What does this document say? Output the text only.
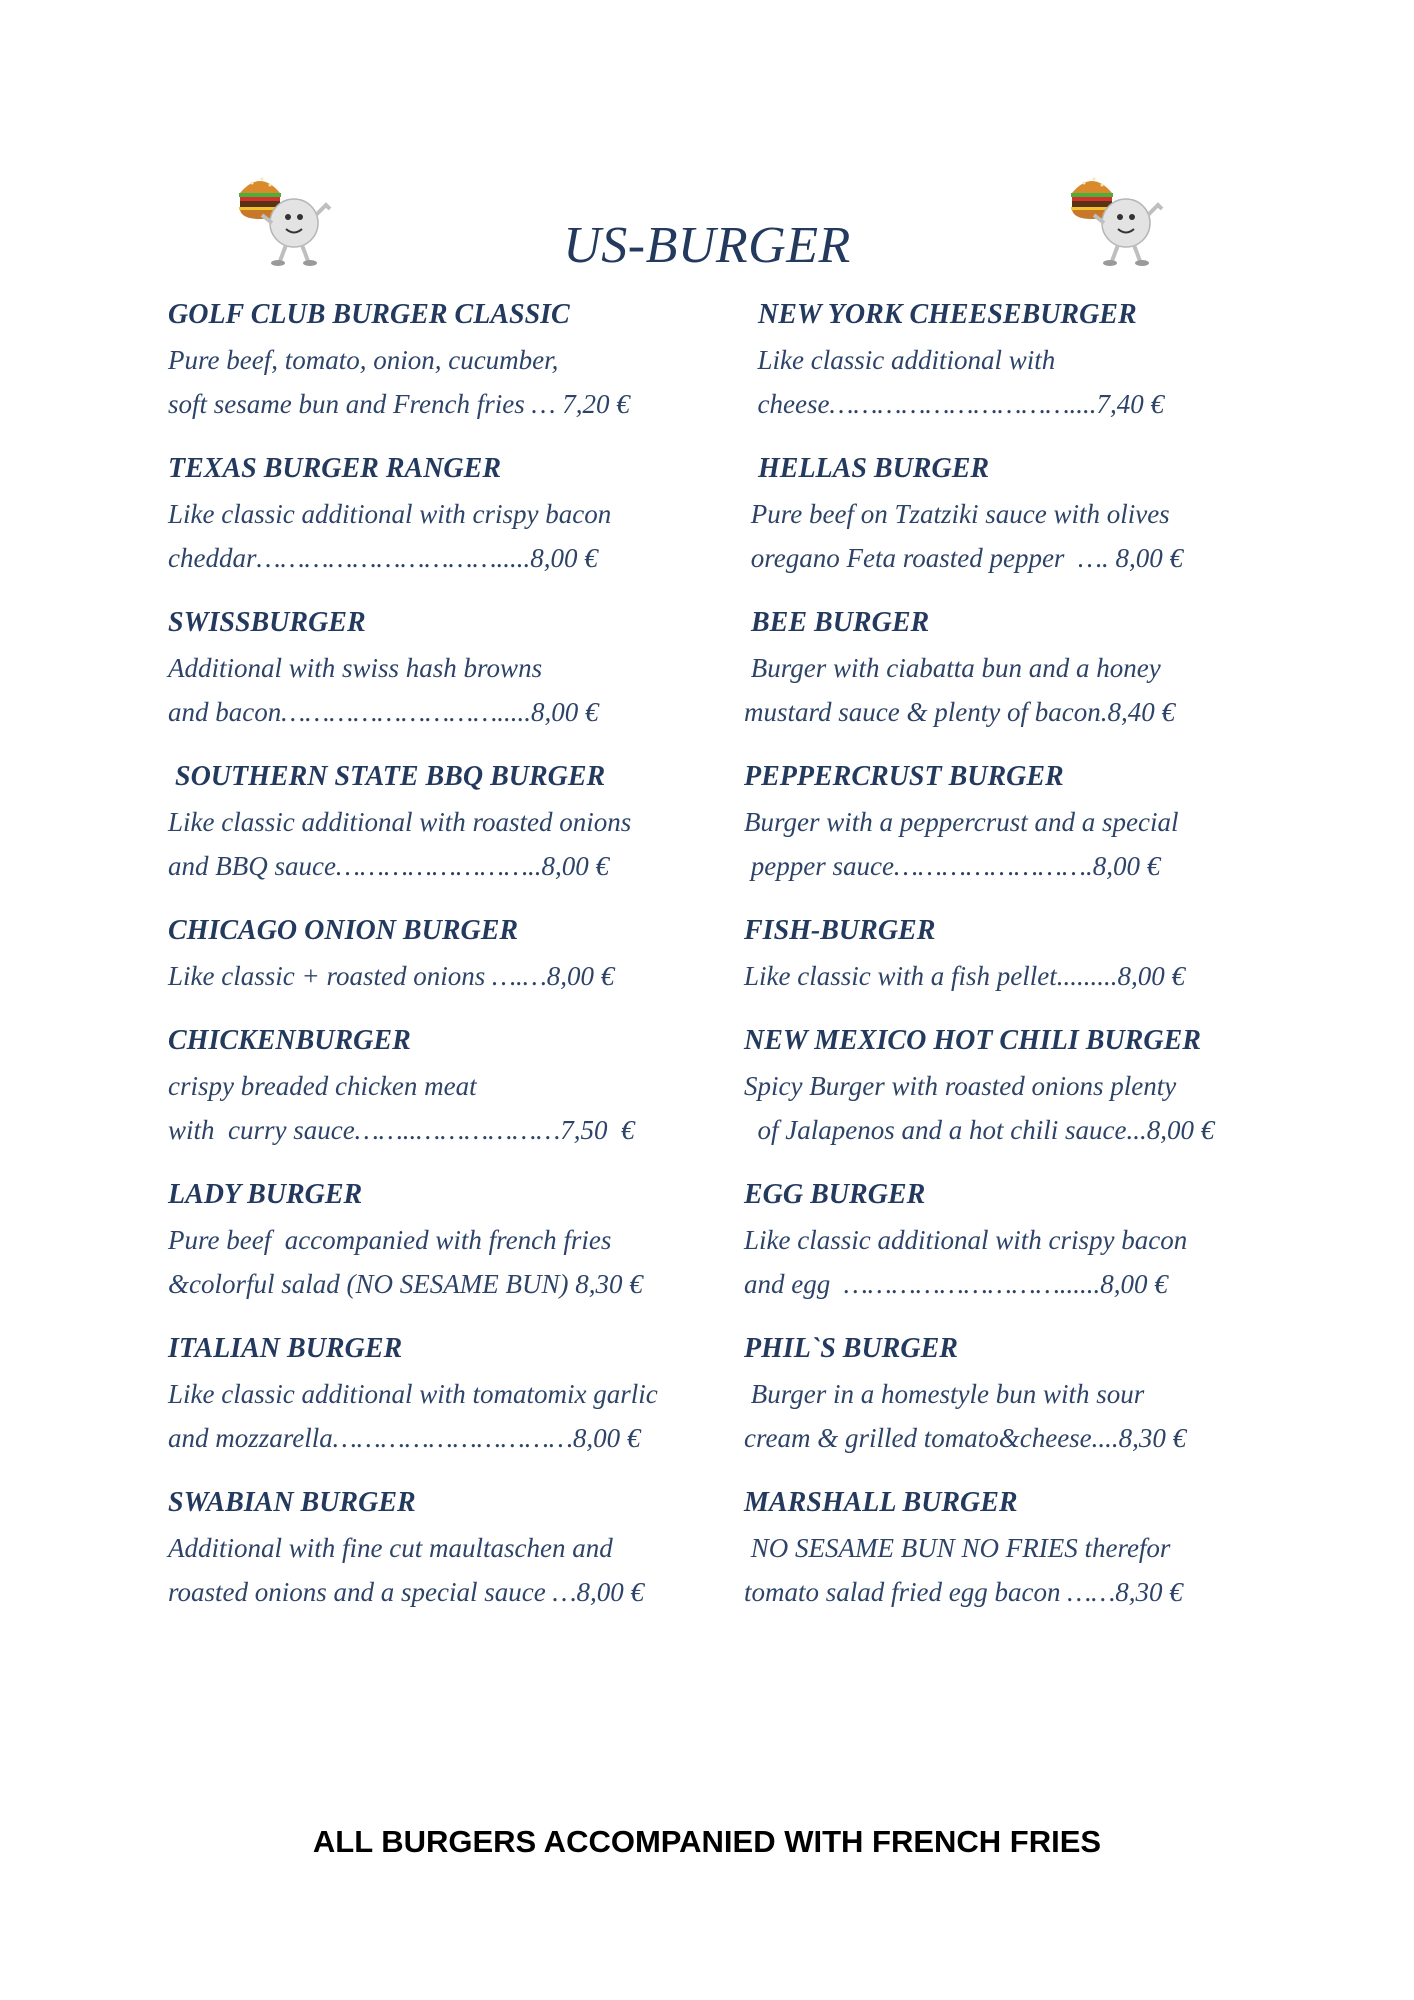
US-BURGER

GOLF CLUB BURGER CLASSIC

Pure beef, tomato, onion, cucumber,

soft sesame bun and French fries … 7,20 €

TEXAS BURGER RANGER

Like classic additional with crispy bacon

cheddar………………………….....8,00 €

SWISSBURGER

Additional with swiss hash browns

and bacon……………………….....8,00 €

SOUTHERN STATE BBQ BURGER

Like classic additional with roasted onions

and BBQ sauce……………………..8,00 €

CHICAGO ONION BURGER

Like classic + roasted onions ….…8,00 €

CHICKENBURGER

crispy breaded chicken meat

with  curry sauce……..………………7,50  €

LADY BURGER

Pure beef  accompanied with french fries

&colorful salad (NO SESAME BUN) 8,30 €

ITALIAN BURGER

Like classic additional with tomatomix garlic

and mozzarella…………………………8,00 €

SWABIAN BURGER

Additional with fine cut maultaschen and

roasted onions and a special sauce …8,00 €

NEW YORK CHEESEBURGER

Like classic additional with

cheese…………………………....7,40 €

HELLAS BURGER

Pure beef on Tzatziki sauce with olives

oregano Feta roasted pepper  …. 8,00 €

BEE BURGER

Burger with ciabatta bun and a honey

mustard sauce & plenty of bacon.8,40 €

PEPPERCRUST BURGER

Burger with a peppercrust and a special

pepper sauce…………………….8,00 €

FISH-BURGER

Like classic with a fish pellet.........8,00 €

NEW MEXICO HOT CHILI BURGER

Spicy Burger with roasted onions plenty

of Jalapenos and a hot chili sauce...8,00 €

EGG BURGER

Like classic additional with crispy bacon

and egg  ………………………......8,00 €

PHIL`S BURGER

Burger in a homestyle bun with sour

cream & grilled tomato&cheese....8,30 €

MARSHALL BURGER

NO SESAME BUN NO FRIES therefor

tomato salad fried egg bacon ……8,30 €

ALL BURGERS ACCOMPANIED WITH FRENCH FRIES
